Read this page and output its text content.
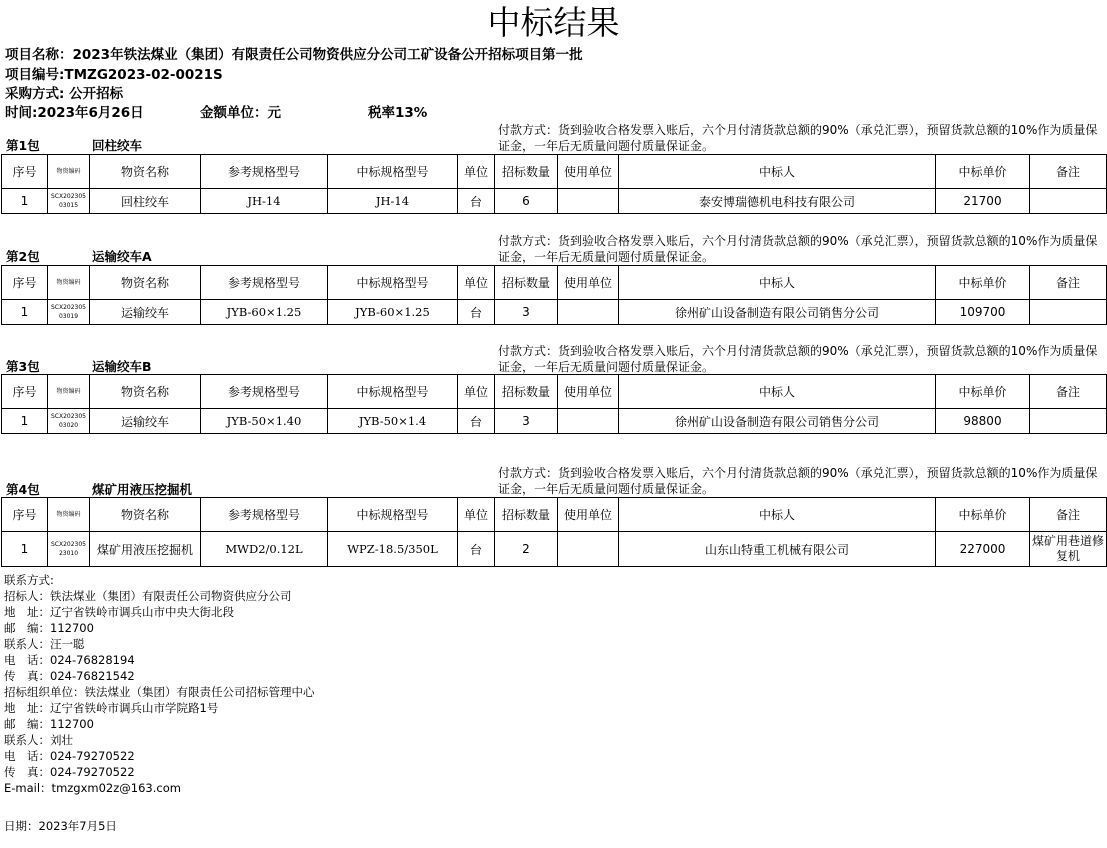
中标结果
项目名称：2023年铁法煤业（集团）有限责任公司物资供应分公司工矿设备公开招标项目第一批
项目编号:TMZG2023-02-0021S
采购方式: 公开招标
时间:2023年6月26日	金额单位：元	税率13%
付款方式：货到验收合格发票入账后，六个月付清货款总额的90%（承兑汇票），预留货款总额的10%作为质量保证金，一年后无质量问题付质量保证金。
第1包	回柱绞车
序号	物资编码	物资名称	参考规格型号	中标规格型号	单位	招标数量	使用单位	中标人	中标单价	备注
1	SCX202305 03015	回柱绞车	JH-14	JH-14	台	6		泰安博瑞德机电科技有限公司	21700	
付款方式：货到验收合格发票入账后，六个月付清货款总额的90%（承兑汇票），预留货款总额的10%作为质量保证金，一年后无质量问题付质量保证金。
第2包	运输绞车A
序号	物资编码	物资名称	参考规格型号	中标规格型号	单位	招标数量	使用单位	中标人	中标单价	备注
1	SCX202305 03019	运输绞车	JYB-60×1.25	JYB-60×1.25	台	3		徐州矿山设备制造有限公司销售分公司	109700	
付款方式：货到验收合格发票入账后，六个月付清货款总额的90%（承兑汇票），预留货款总额的10%作为质量保证金，一年后无质量问题付质量保证金。
第3包	运输绞车B
序号	物资编码	物资名称	参考规格型号	中标规格型号	单位	招标数量	使用单位	中标人	中标单价	备注
1	SCX202305 03020	运输绞车	JYB-50×1.40	JYB-50×1.4	台	3		徐州矿山设备制造有限公司销售分公司	98800	
付款方式：货到验收合格发票入账后，六个月付清货款总额的90%（承兑汇票），预留货款总额的10%作为质量保证金，一年后无质量问题付质量保证金。
第4包	煤矿用液压挖掘机
序号	物资编码	物资名称	参考规格型号	中标规格型号	单位	招标数量	使用单位	中标人	中标单价	备注
1	SCX202305 23010	煤矿用液压挖掘机	MWD2/0.12L	WPZ-18.5/350L	台	2		山东山特重工机械有限公司	227000	煤矿用巷道修复机
联系方式:
招标人：铁法煤业（集团）有限责任公司物资供应分公司
地　址：辽宁省铁岭市调兵山市中央大街北段
邮　编：112700
联系人：汪一聪
电　话：024-76828194
传　真：024-76821542
招标组织单位：铁法煤业（集团）有限责任公司招标管理中心
地　址：辽宁省铁岭市调兵山市学院路1号
邮　编：112700
联系人：刘壮
电　话：024-79270522
传　真：024-79270522
E-mail：tmzgxm02z@163.com
日期：2023年7月5日
